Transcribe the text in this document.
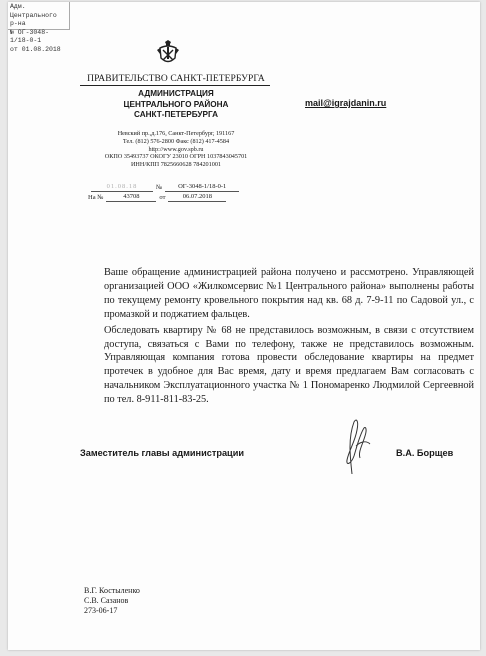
Адм. Центрального р-на
№ ОГ-3048-1/18-0-1
от 01.08.2018
ПРАВИТЕЛЬСТВО САНКТ-ПЕТЕРБУРГА
АДМИНИСТРАЦИЯ
ЦЕНТРАЛЬНОГО РАЙОНА
САНКТ-ПЕТЕРБУРГА
Невский пр.,д.176, Санкт-Петербург, 191167
Тел. (812) 576-2800 Факс (812) 417-4584
http://www.gov.spb.ru
ОКПО 35493737 ОКОГУ 23010 ОГРН 1037843045701
ИНН/КПП 7825660628 784201001
01.08.18	№	ОГ-3048-1/18-0-1
На №	43708	от	06.07.2018
mail@igrajdanin.ru

Ваше обращение администрацией района получено и рассмотрено. Управляющей организацией ООО «Жилкомсервис №1 Центрального района» выполнены работы по текущему ремонту кровельного покрытия над кв. 68 д. 7-9-11 по Садовой ул., с промазкой и поджатием фальцев.

Обследовать квартиру № 68 не представилось возможным, в связи с отсутствием доступа, связаться с Вами по телефону, также не представилось возможным. Управляющая компания готова провести обследование квартиры на предмет протечек в удобное для Вас время, дату и время предлагаем Вам согласовать с начальником Эксплуатационного участка № 1 Пономаренко Людмилой Сергеевной по тел. 8-911-811-83-25.

Заместитель главы администрации	В.А. Борщев
В.Г. Костыленко
С.В. Сазанов
273-06-17
